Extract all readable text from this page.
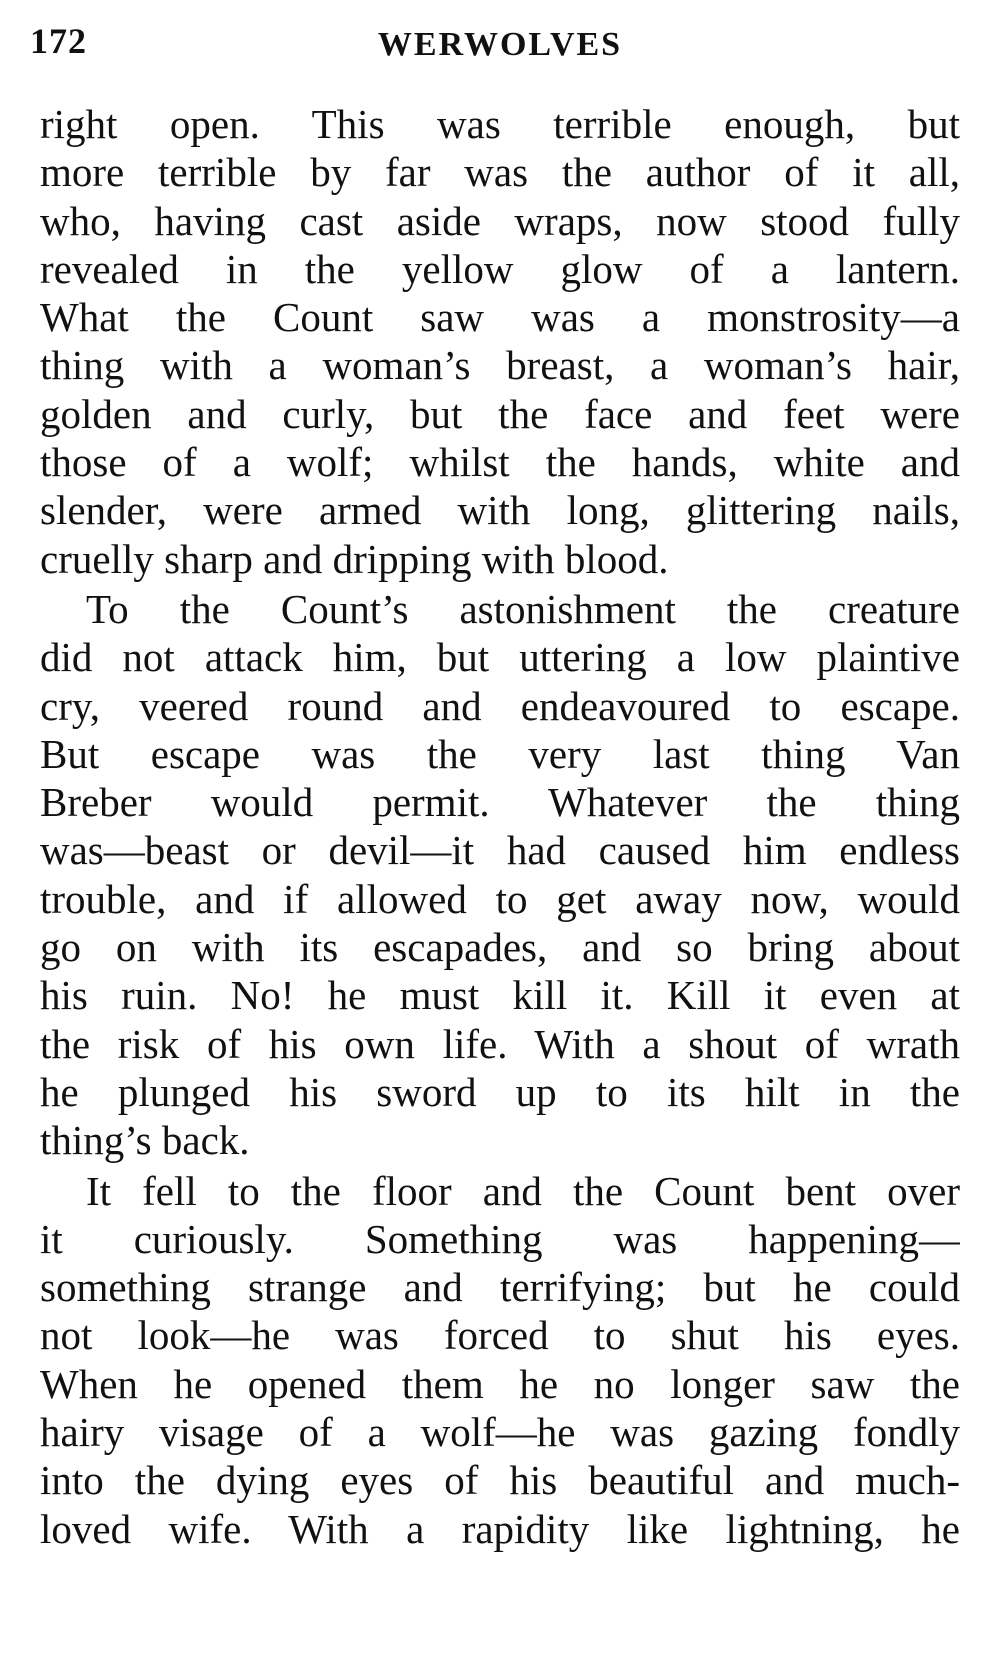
172	WERWOLVES
right open. This was terrible enough, but
more terrible by far was the author of it all,
who, having cast aside wraps, now stood fully
revealed in the yellow glow of a lantern.
What the Count saw was a monstrosity—a
thing with a woman’s breast, a woman’s hair,
golden and curly, but the face and feet were
those of a wolf; whilst the hands, white and
slender, were armed with long, glittering nails,
cruelly sharp and dripping with blood.
To the Count’s astonishment the creature
did not attack him, but uttering a low plaintive
cry, veered round and endeavoured to escape.
But escape was the very last thing Van
Breber would permit. Whatever the thing
was—beast or devil—it had caused him endless
trouble, and if allowed to get away now, would
go on with its escapades, and so bring about
his ruin. No! he must kill it. Kill it even at
the risk of his own life. With a shout of wrath
he plunged his sword up to its hilt in the
thing’s back.
It fell to the floor and the Count bent over
it curiously. Something was happening—
something strange and terrifying; but he could
not look—he was forced to shut his eyes.
When he opened them he no longer saw the
hairy visage of a wolf—he was gazing fondly
into the dying eyes of his beautiful and much-
loved wife. With a rapidity like lightning, he
